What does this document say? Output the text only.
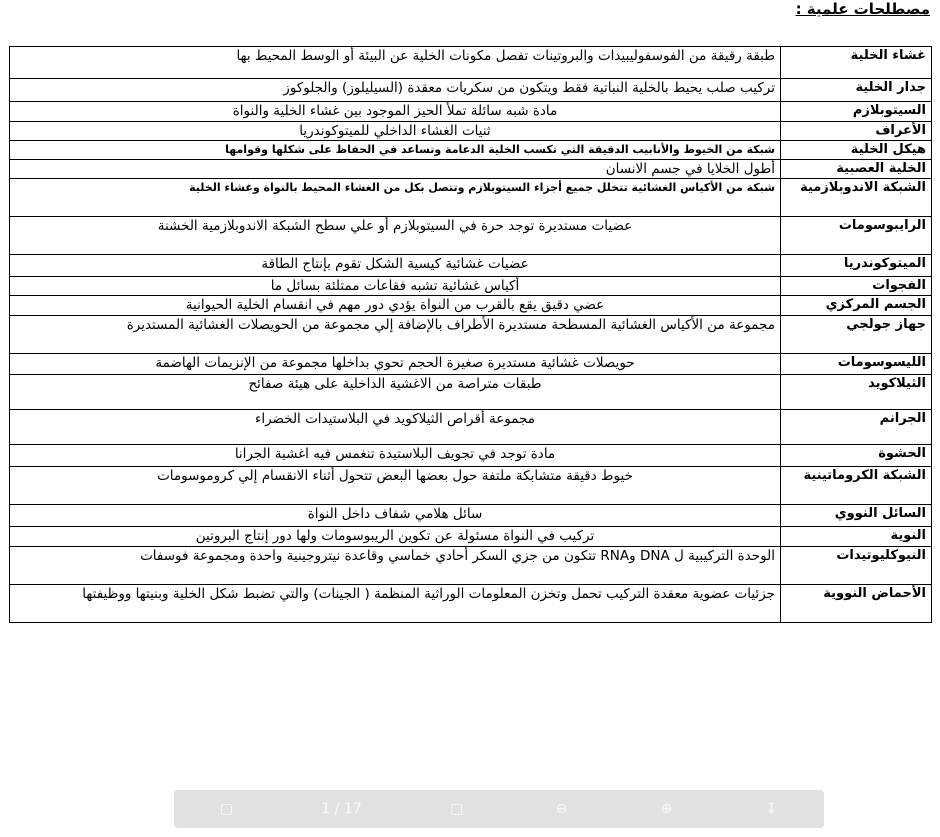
مصطلحات علمية :
غشاء الخلية	طبقة رقيقة من الفوسفوليبيدات والبروتينات تفصل مكونات الخلية عن البيئة أو الوسط المحيط بها
جدار الخلية	تركيب صلب يحيط بالخلية النباتية فقط ويتكون من سكريات معقدة (السيليلوز) والجلوكوز
السيتوبلازم	مادة شبه سائلة تملأ الحيز الموجود بين غشاء الخلية والنواة
الأعراف	ثنيات الغشاء الداخلي للميتوكوندريا
هيكل الخلية	شبكة من الخيوط والأنابيب الدقيقة التي تكسب الخلية الدعامة وتساعد في الحفاظ على شكلها وقوامها
الخلية العصبية	أطول الخلايا في جسم الانسان
الشبكة الاندوبلازمية	شبكة من الأكياس الغشائية تتخلل جميع أجزاء السيتوبلازم وتتصل بكل من الغشاء المحيط بالنواة وغشاء الخلية
الرايبوسومات	عضيات مستديرة توجد حرة في السيتوبلازم أو علي سطح الشبكة الاندوبلازمية الخشنة
الميتوكوندريا	عضيات غشائية كيسية الشكل تقوم بإنتاج الطاقة
الفجوات	أكياس غشائية تشبه فقاعات ممتلئة بسائل ما
الجسم المركزي	عضي دقيق يقع بالقرب من النواة يؤدي دور مهم في انقسام الخلية الحيوانية
جهاز جولجي	مجموعة من الأكياس الغشائية المسطحة مستديرة الأطراف بالإضافة إلي مجموعة من الحويصلات الغشائية المستديرة
الليسوسومات	حويصلات غشائية مستديرة صغيرة الحجم تحوي بداخلها مجموعة من الإنزيمات الهاضمة
الثيلاكويد	طبقات متراصة من الاغشية الداخلية على هيئة صفائح
الجرانم	مجموعة أقراص الثيلاكويد في البلاستيدات الخضراء
الحشوة	مادة توجد في تجويف البلاستيدة تنغمس فيه اغشية الجرانا
الشبكة الكروماتينية	خيوط دقيقة متشابكة ملتفة حول بعضها البعض تتحول أثناء الانقسام إلي كروموسومات
السائل النووي	سائل هلامي شفاف داخل النواة
النوية	تركيب في النواة مسئولة عن تكوين الريبوسومات ولها دور إنتاج البروتين
النيوكليوتيدات	الوحدة التركيبية ل DNA وRNA تتكون من جزي السكر أحادي خماسي وقاعدة نيتروجينية واحدة ومجموعة فوسفات
الأحماض النووية	جزئيات عضوية معقدة التركيب تحمل وتخزن المعلومات الوراثية المنظمة ( الجينات) والتي تضبط شكل الخلية وبنيتها ووظيفتها
▢	1 / 17	□	⊖	⊕	↧
